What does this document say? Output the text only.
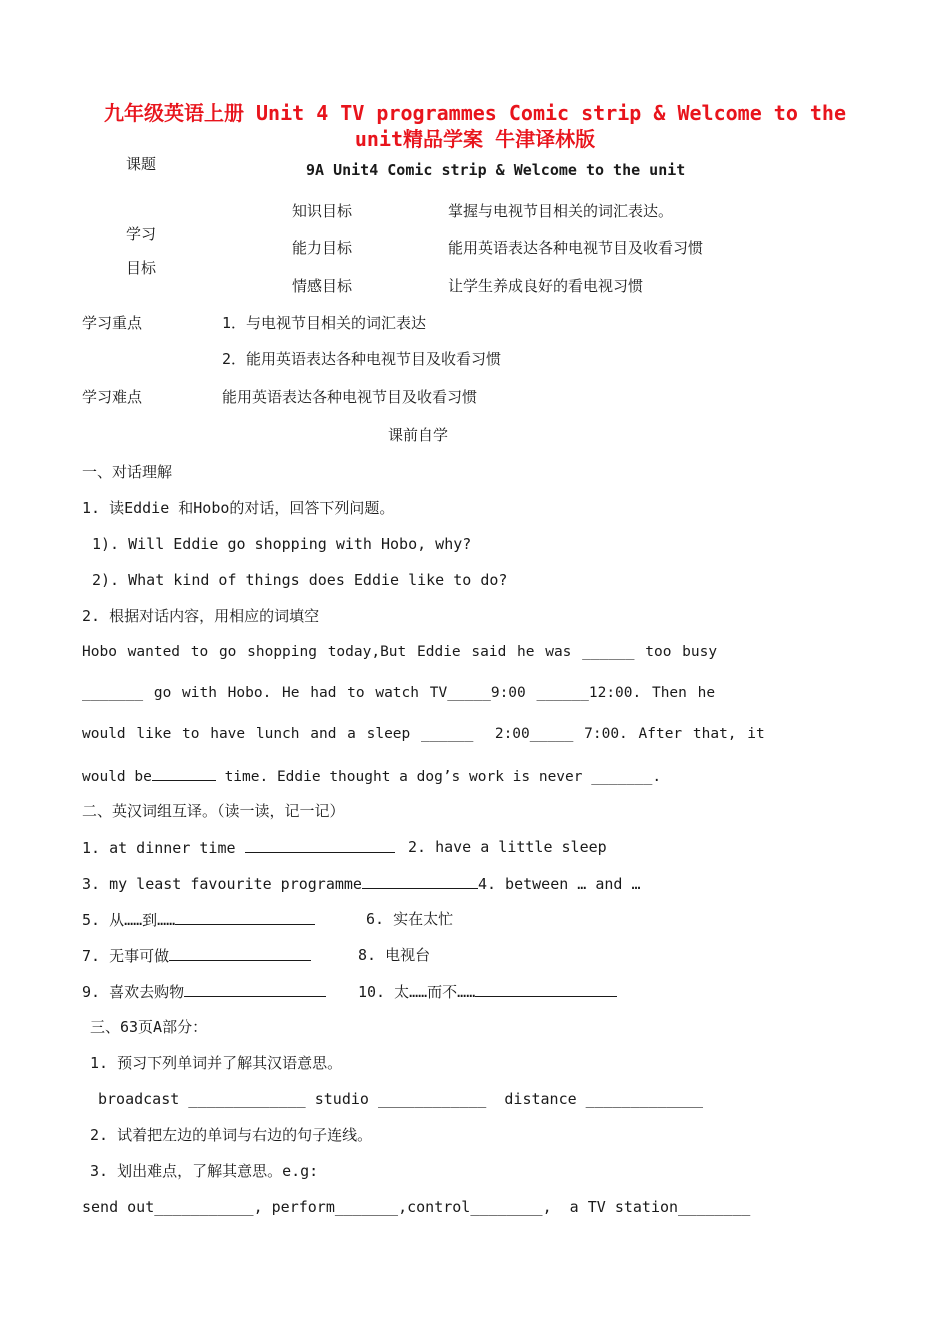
九年级英语上册 Unit 4 TV programmes Comic strip & Welcome to the unit精品学案 牛津译林版
课题	9A Unit4 Comic strip & Welcome to the unit
学习
目标
知识目标	掌握与电视节目相关的词汇表达。
能力目标	能用英语表达各种电视节目及收看习惯
情感目标	让学生养成良好的看电视习惯
学习重点	1．与电视节目相关的词汇表达
2．能用英语表达各种电视节目及收看习惯
学习难点	能用英语表达各种电视节目及收看习惯
课前自学
一、对话理解
1. 读Eddie 和Hobo的对话，回答下列问题。
1). Will Eddie go shopping with Hobo, why?
2). What kind of things does Eddie like to do?
2. 根据对话内容，用相应的词填空
Hobo wanted to go shopping today,But Eddie said he was ______ too busy
_______ go with Hobo. He had to watch TV_____9:00 ______12:00. Then he
would like to have lunch and a sleep ______  2:00_____ 7:00. After that, it
would be	time. Eddie thought a dog’s work is never _______.
二、英汉词组互译。（读一读，记一记）
1. at dinner time	2. have a little sleep
3. my least favourite programme	4. between … and …
5. 从……到……	6. 实在太忙
7. 无事可做	8. 电视台
9. 喜欢去购物	10. 太……而不……
三、63页A部分：
1. 预习下列单词并了解其汉语意思。
broadcast _____________ studio ____________  distance _____________
2. 试着把左边的单词与右边的句子连线。
3. 划出难点，了解其意思。e.g:
send out___________, perform_______,control________,  a TV station________
